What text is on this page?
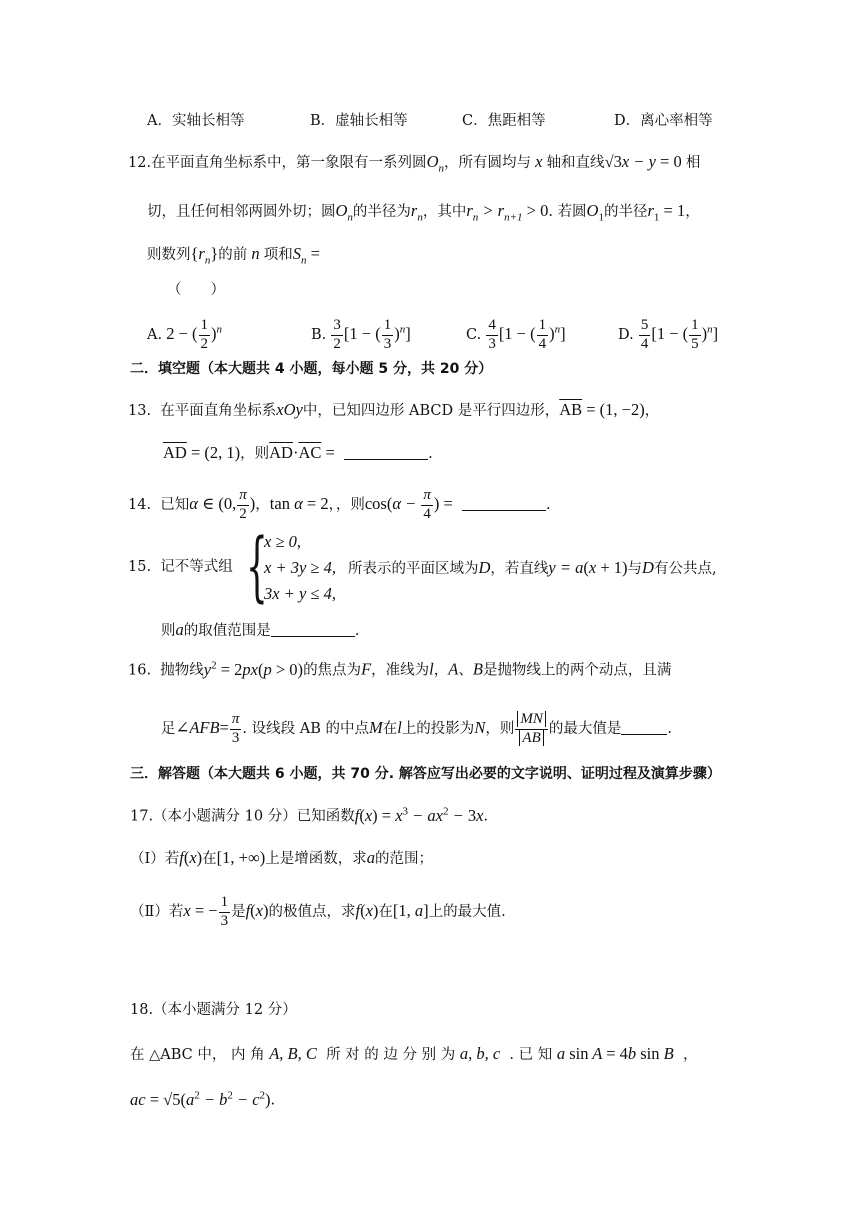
A．实轴长相等	B．虚轴长相等	C．焦距相等	D．离心率相等
12.在平面直角坐标系中，第一象限有一系列圆$O_n$，所有圆均与 x 轴和直线√3x − y = 0 相
切，且任何相邻两圆外切；圆$O_n$的半径为$r_n$，其中$r_n > r_{n+1} > 0$. 若圆$O_1$的半径$r_1 = 1$，
则数列$\{r_n\}$的前 n 项和$S_n$ =
（　　）
A. 2 − ( $\frac{1}{2} )^n$	B. $\frac{3}{2} [1$ − ( $\frac{1}{3} )^n$]	C. $\frac{4}{3} [1$ − ( $\frac{1}{4} )^n$]	D. $\frac{5}{4} [1$ − ( $\frac{1}{5} )^n$]
二．填空题（本大题共 4 小题，每小题 5 分，共 20 分）
13. 在平面直角坐标系xOy中，已知四边形 ABCD 是平行四边形，$\overline{AB} = (1$, −2)，
$\overline{AD} = (2$, 1)，则$\overline{AD}\cdot\overline{AC}$ =	.
14. 已知α ∈ (0, $\frac{\pi}{2}$ )，tan α = 2，，则$\cos(\alpha - \frac{\pi}{4}$ ) =	.
{
x ≥ 0,
x + 3y ≥ 4,
3x + y ≤ 4,
15. 记不等式组	所表示的平面区域为D，若直线y = a(x + 1)与D有公共点,
则a的取值范围是	.
16. 抛物线$y^2 = 2px(p > 0)$的焦点为F，准线为l，A、B是抛物线上的两个动点，且满
足∠AFB= $\frac{\pi}{3}$ . 设线段 AB 的中点M在l上的投影为N，则 $\frac{MN}{AB}$ 的最大值是	.
三．解答题（本大题共 6 小题，共 70 分. 解答应写出必要的文字说明、证明过程及演算步骤）
17.（本小题满分 10 分）已知函数$f(x) = x^3 - ax^2 - 3x$.
（Ⅰ）若f(x)在[1, +∞)上是增函数，求a的范围；
（Ⅱ）若x = − $\frac{1}{3}$ 是f(x)的极值点，求f(x)在[1, a]上的最大值.
18.（本小题满分 12 分）
在 △ABC 中， 内 角 A, B, C 所 对 的 边 分 别 为 a, b, c . 已 知 a sin A = 4b sin B ，
ac = $√5(a^2 - b^2 - c^2)$.
